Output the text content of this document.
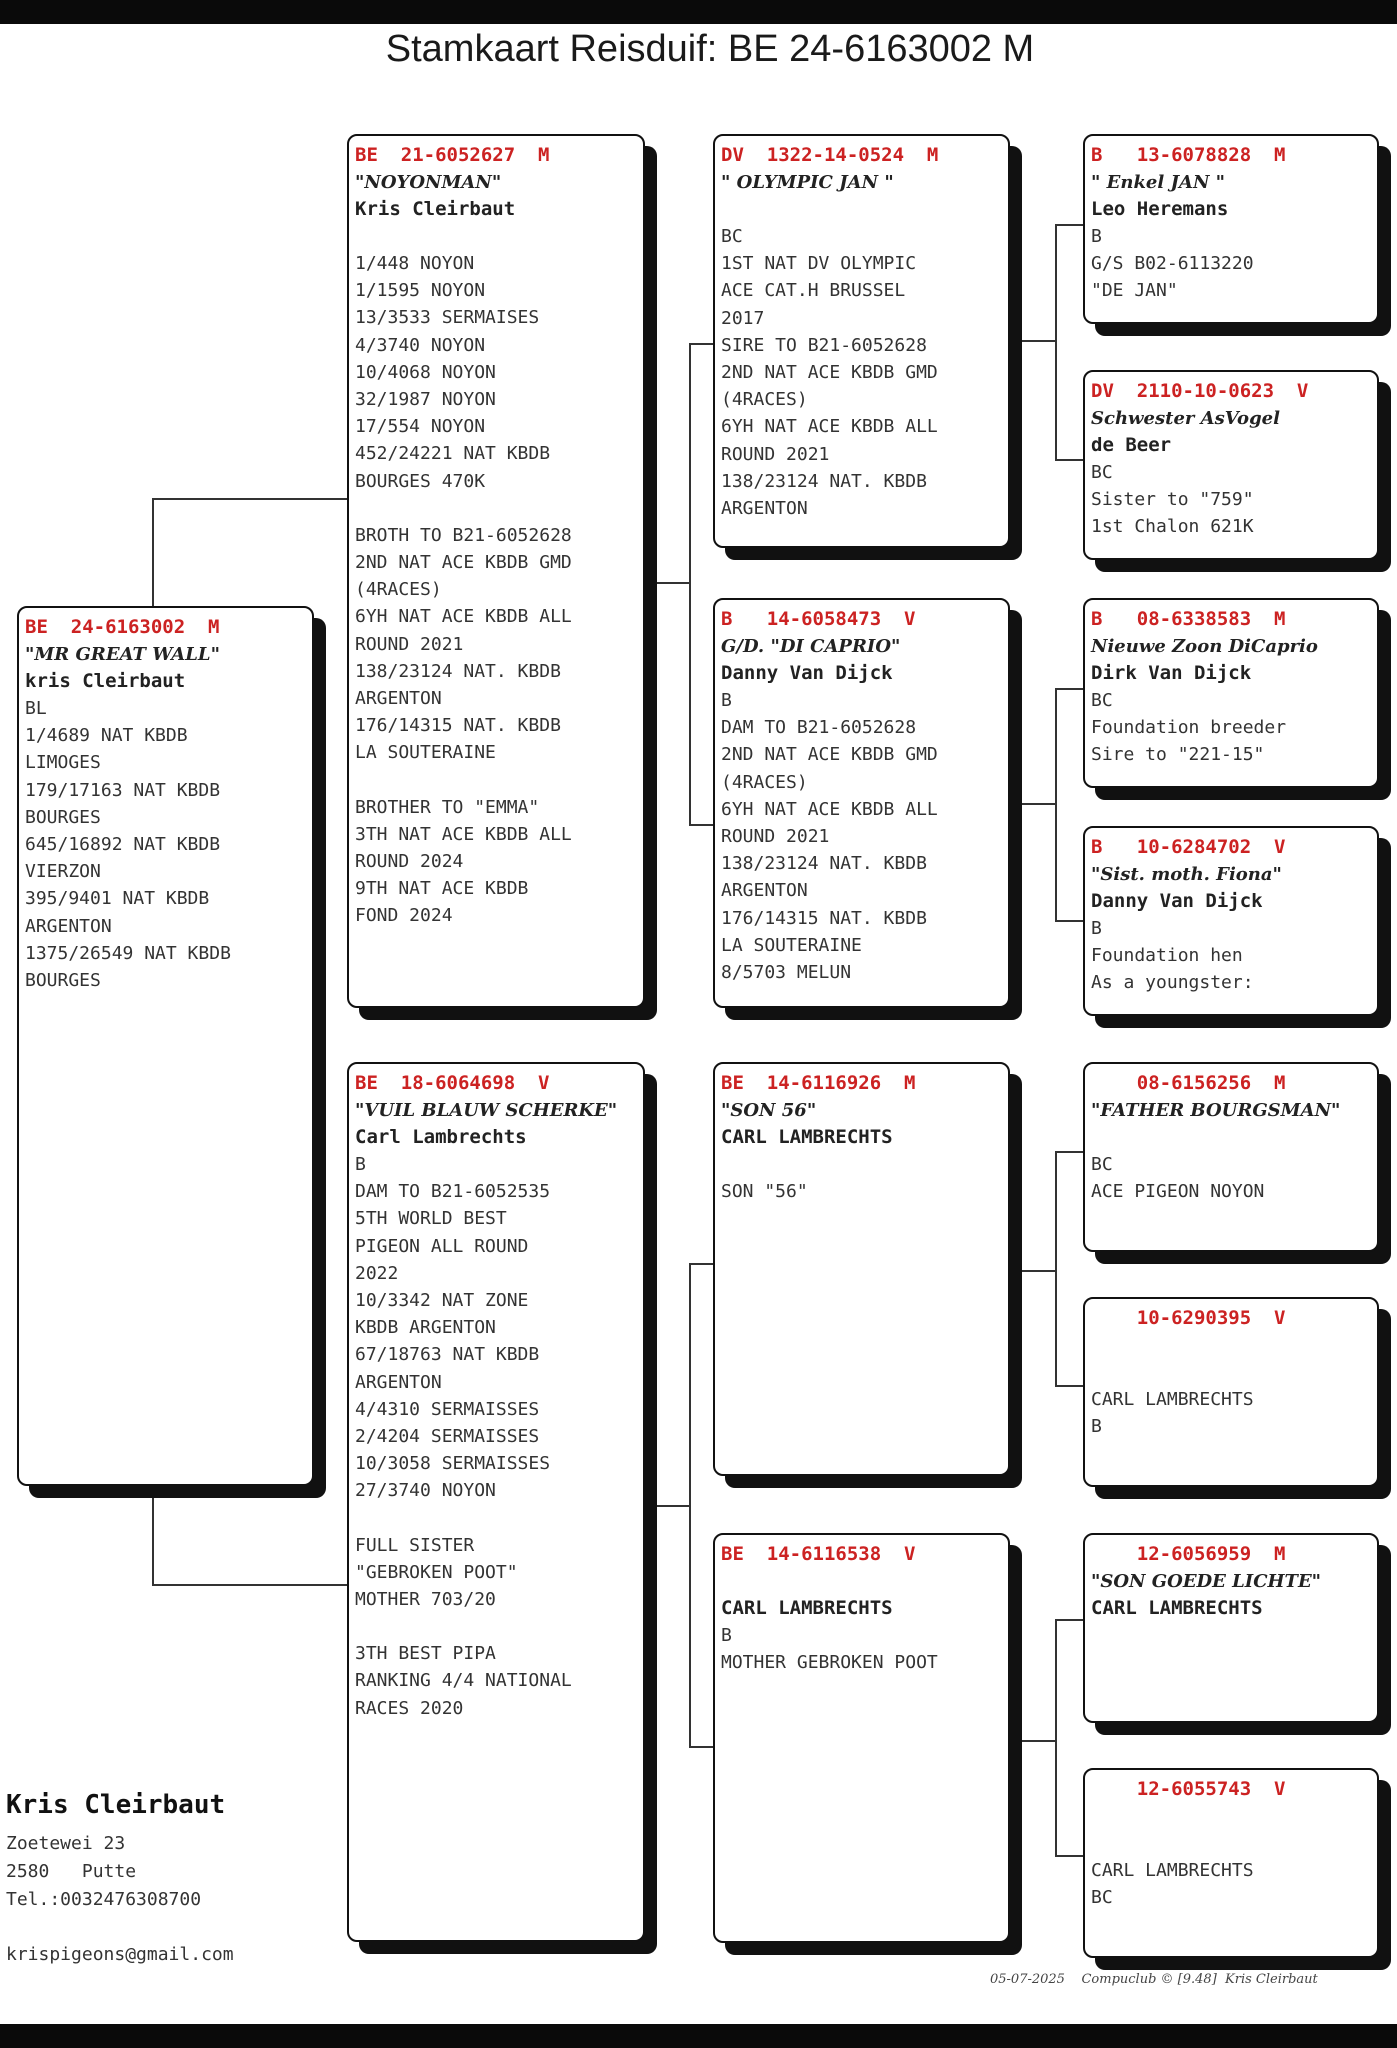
Stamkaart Reisduif: BE 24-6163002 M
BE  24-6163002  M
"MR GREAT WALL"
kris Cleirbaut
BL
1/4689 NAT KBDB
LIMOGES
179/17163 NAT KBDB
BOURGES
645/16892 NAT KBDB
VIERZON
395/9401 NAT KBDB
ARGENTON
1375/26549 NAT KBDB
BOURGES
BE  21-6052627  M
"NOYONMAN"
Kris Cleirbaut
1/448 NOYON
1/1595 NOYON
13/3533 SERMAISES
4/3740 NOYON
10/4068 NOYON
32/1987 NOYON
17/554 NOYON
452/24221 NAT KBDB
BOURGES 470K
BROTH TO B21-6052628
2ND NAT ACE KBDB GMD
(4RACES)
6YH NAT ACE KBDB ALL
ROUND 2021
138/23124 NAT. KBDB
ARGENTON
176/14315 NAT. KBDB
LA SOUTERAINE
BROTHER TO "EMMA"
3TH NAT ACE KBDB ALL
ROUND 2024
9TH NAT ACE KBDB
FOND 2024
BE  18-6064698  V
"VUIL BLAUW SCHERKE"
Carl Lambrechts
B
DAM TO B21-6052535
5TH WORLD BEST
PIGEON ALL ROUND
2022
10/3342 NAT ZONE
KBDB ARGENTON
67/18763 NAT KBDB
ARGENTON
4/4310 SERMAISSES
2/4204 SERMAISSES
10/3058 SERMAISSES
27/3740 NOYON
FULL SISTER
"GEBROKEN POOT"
MOTHER 703/20
3TH BEST PIPA
RANKING 4/4 NATIONAL
RACES 2020
DV  1322-14-0524  M
" OLYMPIC JAN "
BC
1ST NAT DV OLYMPIC
ACE CAT.H BRUSSEL
2017
SIRE TO B21-6052628
2ND NAT ACE KBDB GMD
(4RACES)
6YH NAT ACE KBDB ALL
ROUND 2021
138/23124 NAT. KBDB
ARGENTON
B   14-6058473  V
G/D. "DI CAPRIO"
Danny Van Dijck
B
DAM TO B21-6052628
2ND NAT ACE KBDB GMD
(4RACES)
6YH NAT ACE KBDB ALL
ROUND 2021
138/23124 NAT. KBDB
ARGENTON
176/14315 NAT. KBDB
LA SOUTERAINE
8/5703 MELUN
BE  14-6116926  M
"SON 56"
CARL LAMBRECHTS
SON "56"
BE  14-6116538  V
CARL LAMBRECHTS
B
MOTHER GEBROKEN POOT
B   13-6078828  M
" Enkel JAN "
Leo Heremans
B
G/S B02-6113220
"DE JAN"
DV  2110-10-0623  V
Schwester AsVogel
de Beer
BC
Sister to "759"
1st Chalon 621K
B   08-6338583  M
Nieuwe Zoon DiCaprio
Dirk Van Dijck
BC
Foundation breeder
Sire to "221-15"
B   10-6284702  V
"Sist. moth. Fiona"
Danny Van Dijck
B
Foundation hen
As a youngster:
08-6156256  M
"FATHER BOURGSMAN"
BC
ACE PIGEON NOYON
10-6290395  V
CARL LAMBRECHTS
B
12-6056959  M
"SON GOEDE LICHTE"
CARL LAMBRECHTS
12-6055743  V
CARL LAMBRECHTS
BC
Kris Cleirbaut
Zoetewei 23
2580   Putte
Tel.:0032476308700
krispigeons@gmail.com
05-07-2025    Compuclub © [9.48]  Kris Cleirbaut
